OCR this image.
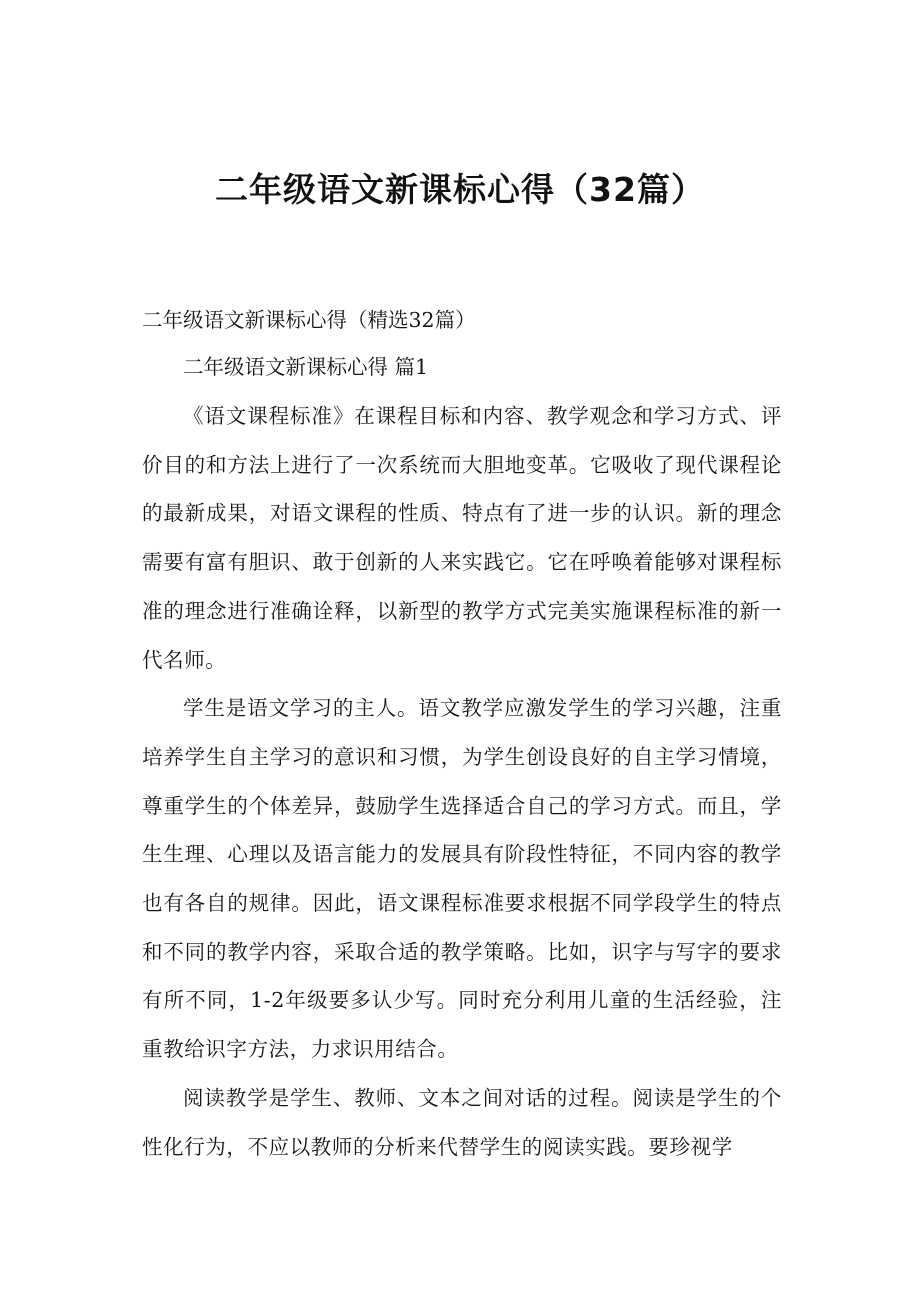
二年级语文新课标心得（32篇）

二年级语文新课标心得（精选32篇）

二年级语文新课标心得 篇1

《语文课程标准》在课程目标和内容、教学观念和学习方式、评价目的和方法上进行了一次系统而大胆地变革。它吸收了现代课程论的最新成果，对语文课程的性质、特点有了进一步的认识。新的理念需要有富有胆识、敢于创新的人来实践它。它在呼唤着能够对课程标准的理念进行准确诠释，以新型的教学方式完美实施课程标准的新一代名师。

学生是语文学习的主人。语文教学应激发学生的学习兴趣，注重培养学生自主学习的意识和习惯，为学生创设良好的自主学习情境，尊重学生的个体差异，鼓励学生选择适合自己的学习方式。而且，学生生理、心理以及语言能力的发展具有阶段性特征，不同内容的教学也有各自的规律。因此，语文课程标准要求根据不同学段学生的特点和不同的教学内容，采取合适的教学策略。比如，识字与写字的要求有所不同，1-2年级要多认少写。同时充分利用儿童的生活经验，注重教给识字方法，力求识用结合。

阅读教学是学生、教师、文本之间对话的过程。阅读是学生的个性化行为，不应以教师的分析来代替学生的阅读实践。要珍视学
